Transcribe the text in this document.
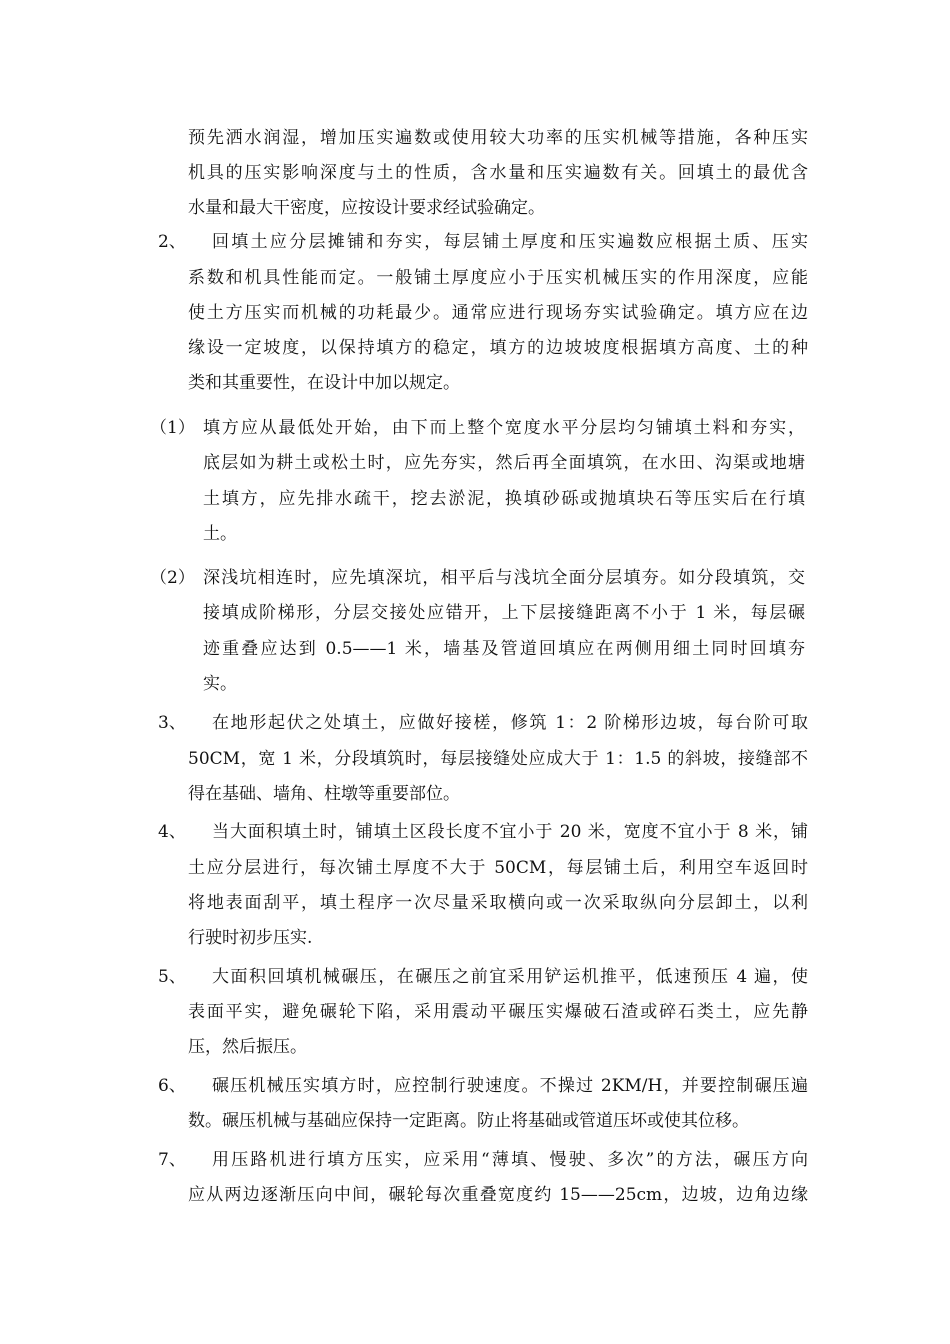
预先洒水润湿，增加压实遍数或使用较大功率的压实机械等措施，各种压实
机具的压实影响深度与土的性质，含水量和压实遍数有关。回填土的最优含
水量和最大干密度，应按设计要求经试验确定。
2、 回填土应分层摊铺和夯实，每层铺土厚度和压实遍数应根据土质、压实
系数和机具性能而定。一般铺土厚度应小于压实机械压实的作用深度，应能
使土方压实而机械的功耗最少。通常应进行现场夯实试验确定。填方应在边
缘设一定坡度，以保持填方的稳定，填方的边坡坡度根据填方高度、土的种
类和其重要性，在设计中加以规定。
（1） 填方应从最低处开始，由下而上整个宽度水平分层均匀铺填土料和夯实，
底层如为耕土或松土时，应先夯实，然后再全面填筑，在水田、沟渠或地塘
土填方，应先排水疏干，挖去淤泥，换填砂砾或抛填块石等压实后在行填
土。
（2） 深浅坑相连时，应先填深坑，相平后与浅坑全面分层填夯。如分段填筑，交
接填成阶梯形，分层交接处应错开，上下层接缝距离不小于 1 米，每层碾
迹重叠应达到 0.5——1 米，墙基及管道回填应在两侧用细土同时回填夯
实。
3、 在地形起伏之处填土，应做好接槎，修筑 1：2 阶梯形边坡，每台阶可取
50CM，宽 1 米，分段填筑时，每层接缝处应成大于 1：1.5 的斜坡，接缝部不
得在基础、墙角、柱墩等重要部位。
4、 当大面积填土时，铺填土区段长度不宜小于 20 米，宽度不宜小于 8 米，铺
土应分层进行，每次铺土厚度不大于 50CM，每层铺土后，利用空车返回时
将地表面刮平，填土程序一次尽量采取横向或一次采取纵向分层卸土，以利
行驶时初步压实.
5、 大面积回填机械碾压，在碾压之前宜采用铲运机推平，低速预压 4 遍，使
表面平实，避免碾轮下陷，采用震动平碾压实爆破石渣或碎石类土，应先静
压，然后振压。
6、 碾压机械压实填方时，应控制行驶速度。不操过 2KM/H，并要控制碾压遍
数。碾压机械与基础应保持一定距离。防止将基础或管道压坏或使其位移。
7、 用压路机进行填方压实，应采用“薄填、慢驶、多次”的方法，碾压方向
应从两边逐渐压向中间，碾轮每次重叠宽度约 15——25cm，边坡，边角边缘
